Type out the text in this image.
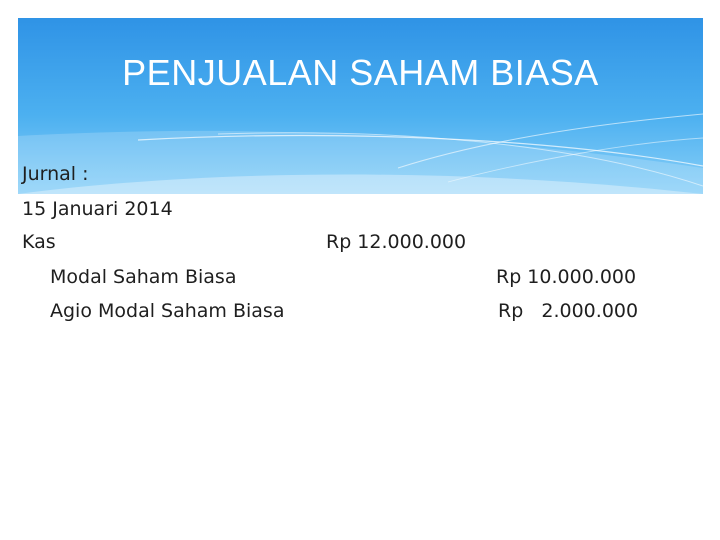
PENJUALAN SAHAM BIASA
Jurnal :
15 Januari 2014
Kas	Rp 12.000.000
Modal Saham Biasa	Rp 10.000.000
Agio Modal Saham Biasa	Rp   2.000.000
